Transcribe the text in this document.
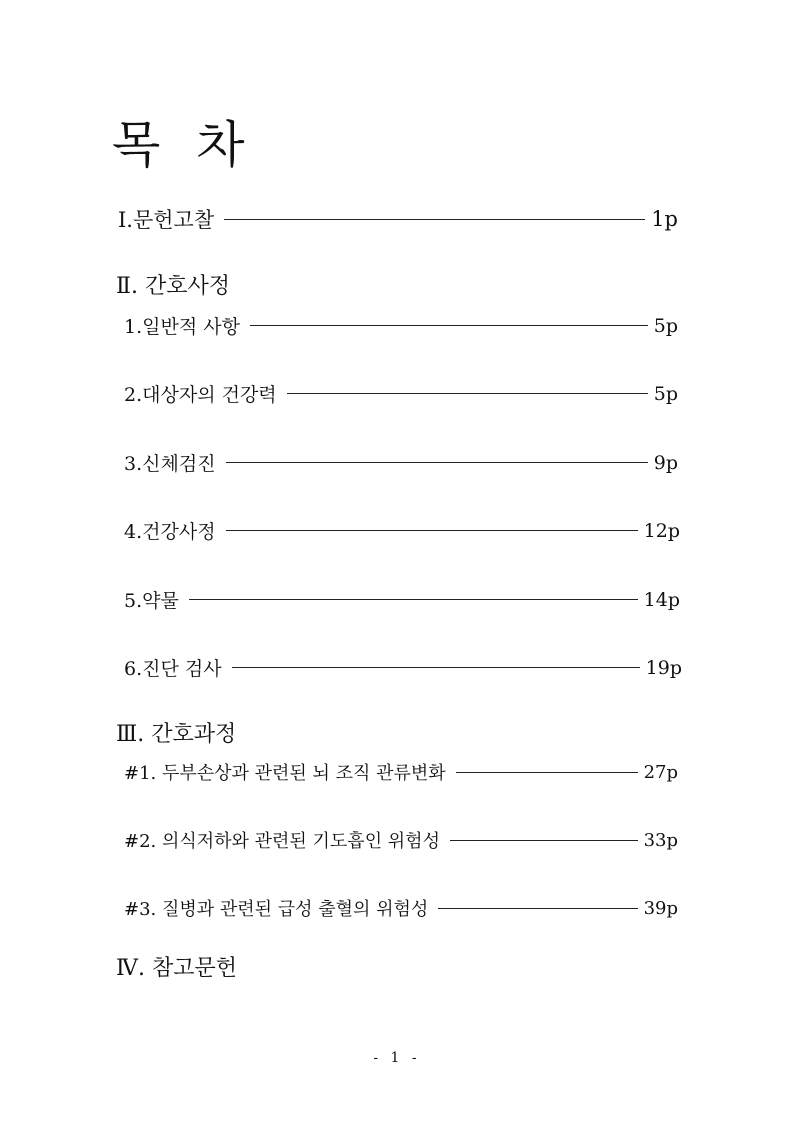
목 차
Ⅰ.문헌고찰	1p
Ⅱ. 간호사정
1.일반적 사항	5p
2.대상자의 건강력	5p
3.신체검진	9p
4.건강사정	12p
5.약물	14p
6.진단 검사	19p
Ⅲ. 간호과정
#1. 두부손상과 관련된 뇌 조직 관류변화	27p
#2. 의식저하와 관련된 기도흡인 위험성	33p
#3. 질병과 관련된 급성 출혈의 위험성	39p
Ⅳ. 참고문헌
- 1 -
